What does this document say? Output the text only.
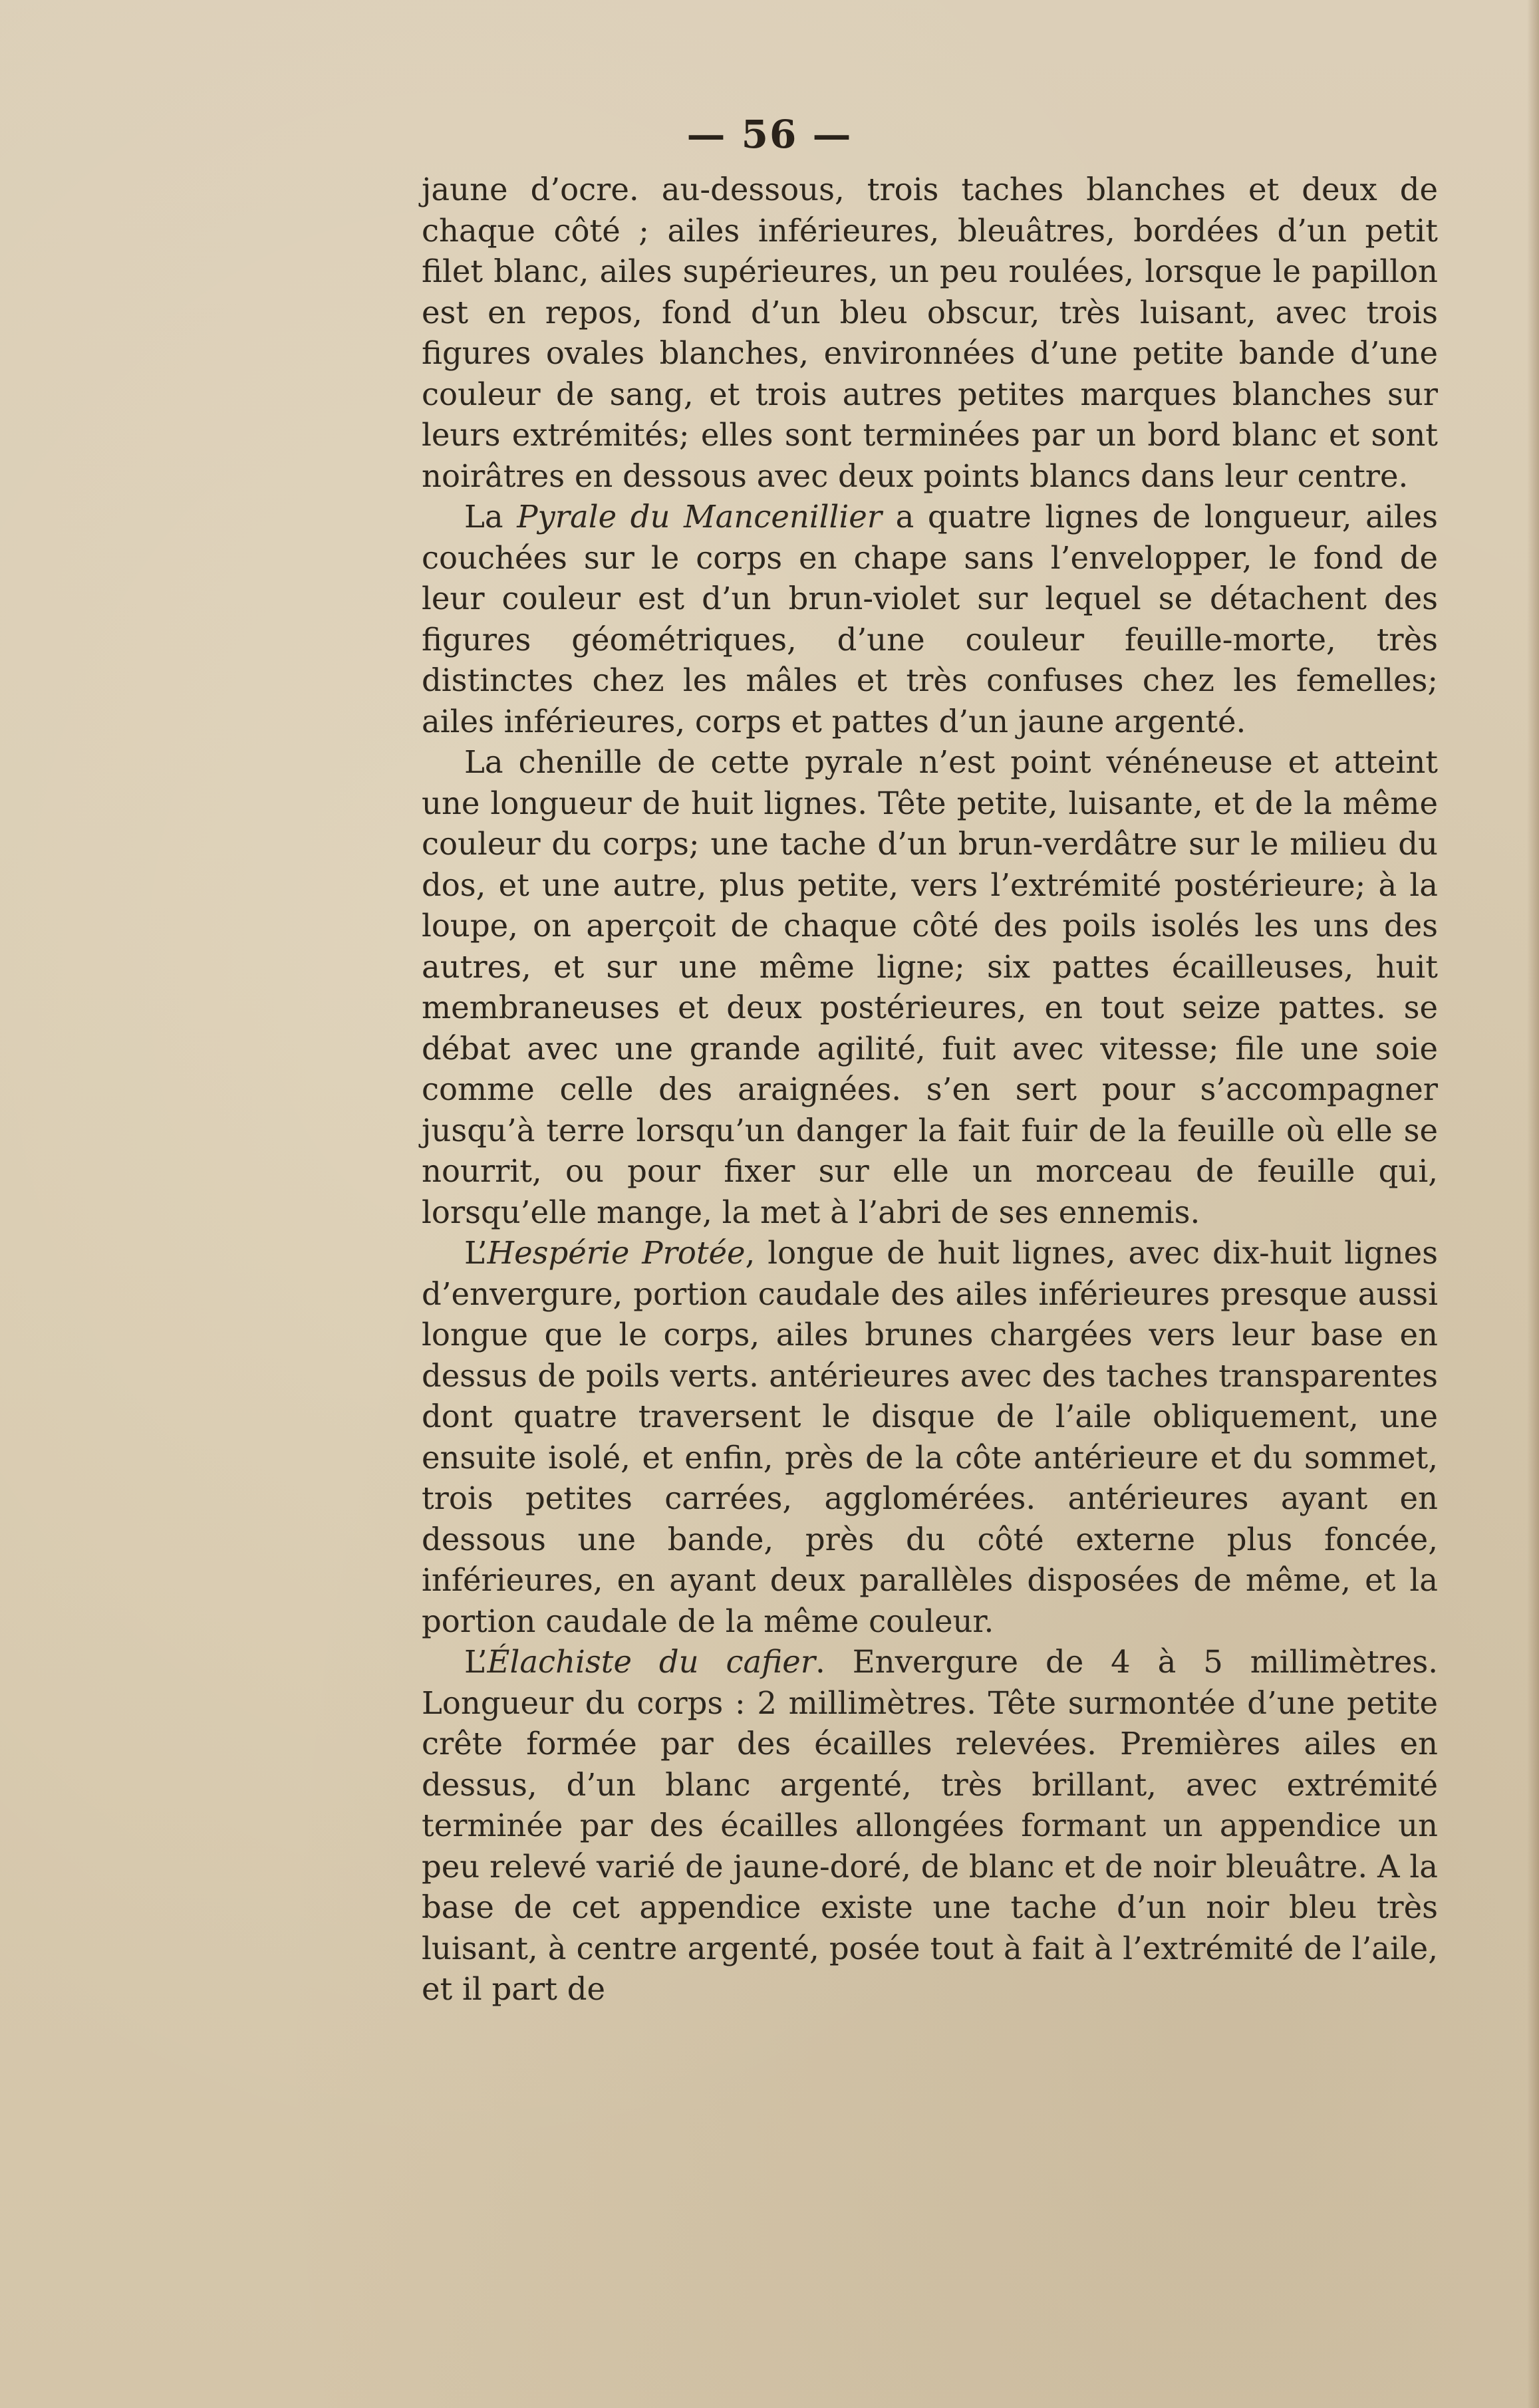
— 56 —

jaune d’ocre. au-dessous, trois taches blanches et deux de chaque côté ; ailes inférieures, bleuâtres, bordées d’un petit filet blanc, ailes supérieures, un peu roulées, lorsque le papillon est en repos, fond d’un bleu obscur, très luisant, avec trois figures ovales blanches, environnées d’une petite bande d’une couleur de sang, et trois autres petites marques blanches sur leurs extrémités; elles sont terminées par un bord blanc et sont noirâtres en dessous avec deux points blancs dans leur centre.

La Pyrale du Mancenillier a quatre lignes de longueur, ailes couchées sur le corps en chape sans l’envelopper, le fond de leur couleur est d’un brun-violet sur lequel se détachent des figures géométriques, d’une couleur feuille-morte, très distinctes chez les mâles et très confuses chez les femelles; ailes inférieures, corps et pattes d’un jaune argenté.

La chenille de cette pyrale n’est point vénéneuse et atteint une longueur de huit lignes. Tête petite, luisante, et de la même couleur du corps; une tache d’un brun-verdâtre sur le milieu du dos, et une autre, plus petite, vers l’extrémité postérieure; à la loupe, on aperçoit de chaque côté des poils isolés les uns des autres, et sur une même ligne; six pattes écailleuses, huit membraneuses et deux postérieures, en tout seize pattes. se débat avec une grande agilité, fuit avec vitesse; file une soie comme celle des araignées. s’en sert pour s’accompagner jusqu’à terre lorsqu’un danger la fait fuir de la feuille où elle se nourrit, ou pour fixer sur elle un morceau de feuille qui, lorsqu’elle mange, la met à l’abri de ses ennemis.

L’Hespérie Protée, longue de huit lignes, avec dix-huit lignes d’envergure, portion caudale des ailes inférieures presque aussi longue que le corps, ailes brunes chargées vers leur base en dessus de poils verts. antérieures avec des taches transparentes dont quatre traversent le disque de l’aile obliquement, une ensuite isolé, et enfin, près de la côte antérieure et du sommet, trois petites carrées, agglomérées. antérieures ayant en dessous une bande, près du côté externe plus foncée, inférieures, en ayant deux parallèles disposées de même, et la portion caudale de la même couleur.

L’Élachiste du cafier. Envergure de 4 à 5 millimètres. Longueur du corps : 2 millimètres. Tête surmontée d’une petite crête formée par des écailles relevées. Premières ailes en dessus, d’un blanc argenté, très brillant, avec extrémité terminée par des écailles allongées formant un appendice un peu relevé varié de jaune-doré, de blanc et de noir bleuâtre. A la base de cet appendice existe une tache d’un noir bleu très luisant, à centre argenté, posée tout à fait à l’extrémité de l’aile, et il part de
